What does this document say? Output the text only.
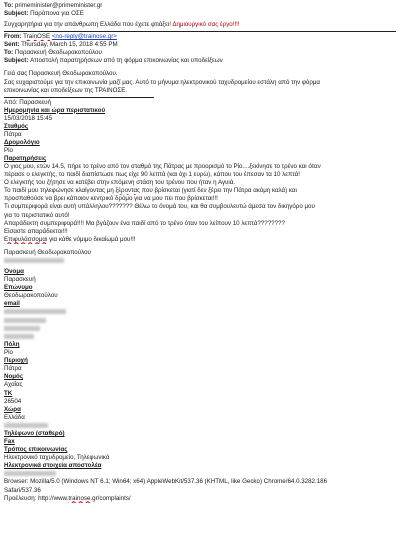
To: primeminister@primeminister.gr
Subject: Παράπονα για ΟΣΕ
Συγχαρητήρια για την απάνθρωπη Ελλάδα που έχετε φτιάξει! Δημιουργικό σας έργο!!!!
From: TrainOSE <no-reply@trainose.gr>
Sent: Thursday, March 15, 2018 4:55 PM
To: Παρασκευή Θεοδωρακοπούλου
Subject: Αποστολή παρατηρήσεων από τη φόρμα επικοινωνίας και υποδείξεων
Γειά σας Παρασκευή Θεοδωρακοπούλου.
Σας ευχαριστούμε για την επικοινωνία μαζί μας. Αυτό το μήνυμα ηλεκτρονικού ταχυδρομείου εστάλη από την φόρμα
επικοινωνίας και υποδείξεων της ΤΡΑΙΝΟΣΕ.
Από: Παρασκευή
Ημερομηνία και ώρα περιστατικού
15/03/2018 15:45
Σταθμός
Πάτρα
Δρομολόγιο
Ρίο
Παρατηρήσεις
Ο γιος μου, ετών 14.5, πήρε το τρένο από τον σταθμό της Πάτρας με προορισμό το Ρίο....ξεκίνησε το τρένο και όταν
πέρασε ο ελεγκτής, το παιδί διαπίστωσε πως είχε 90 λεπτά (και όχι 1 ευρώ), κάπου του έπεσαν τα 10 λεπτά!
Ο ελεγκτής του ζήτησε να κατέβει στην επόμενη στάση του τρένου που ήταν η Αγυιά.
Το παιδί μου τηλεφώνησε κλαίγοντας μη ξέροντας που βρίσκεται (γιατί δεν ξέρει την Πάτρα ακόμη καλά) και
προσπαθούσε να βρει κάποιον κεντρικό δρόμο για να μου πει που βρίσκεται!!!
Τι συμπεριφορά είναι αυτή υπάλληλου??????? Θέλω το όνομά του, και θα συμβουλευτώ άμεσα τον δικηγόρο μου
για το περιστατικό αυτό!
Απαράδεκτη συμπεριφορά!!!! Μα βγάζουν ένα παιδί από το τρένο όταν του λείπουν 10 λεπτά????????
Είσαστε απαράδεκτοι!!!
Επιφυλάσσομαι για κάθε νόμιμο δικαίωμά μου!!!
Παρασκευή Θεοδωρακοπούλου
Όνομα
Παρασκευή
Επώνυμο
Θεοδωρακοπούλου
email

Πόλη
Ρίο
Περιοχή
Πάτρα
Νομός
Αχαΐας
ΤΚ
26504
Χώρα
Ελλάδα
Τηλέφωνο (σταθερό)
Fax
Τρόπος επικοινωνίας
Ηλεκτρονικό ταχυδρομείο, Τηλεφωνικά
Ηλεκτρονικά στοιχεία αποστολέα
Browser: Mozilla/5.0 (Windows NT 6.1; Win64; x64) AppleWebKit/537.36 (KHTML, like Gecko) Chrome/64.0.3282.186
Safari/537.36
Προέλευση: http://www.trainose.gr/complaints/
